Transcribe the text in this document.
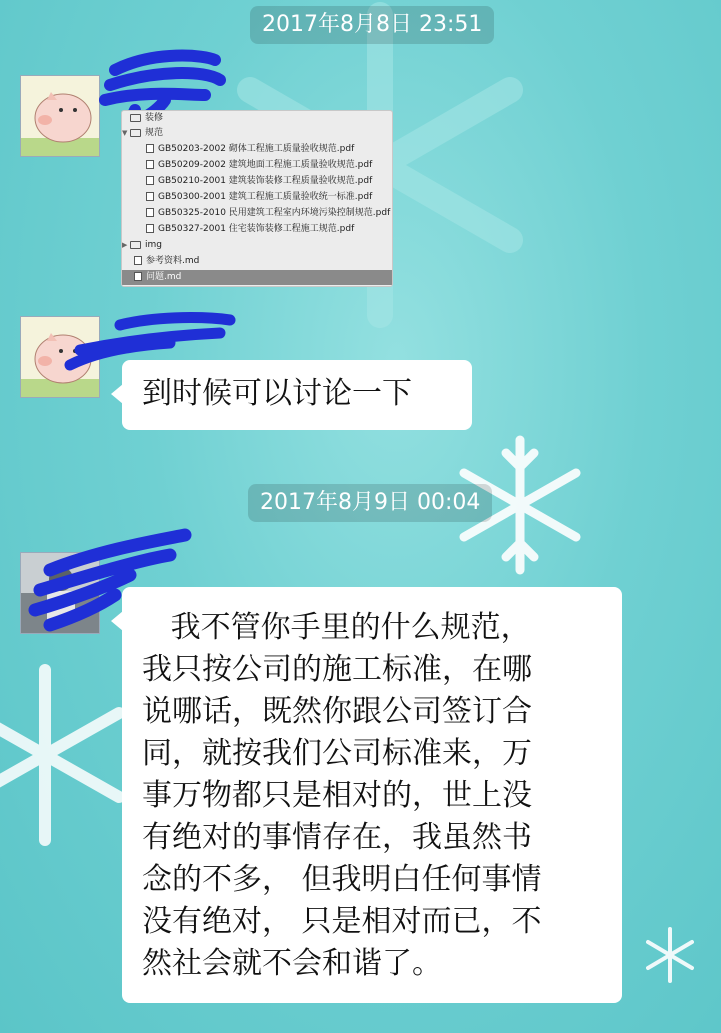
2017年8月8日 23:51
装修
▼ 规范
GB50203-2002 砌体工程施工质量验收规范.pdf
GB50209-2002 建筑地面工程施工质量验收规范.pdf
GB50210-2001 建筑装饰装修工程质量验收规范.pdf
GB50300-2001 建筑工程施工质量验收统一标准.pdf
GB50325-2010 民用建筑工程室内环境污染控制规范.pdf
GB50327-2001 住宅装饰装修工程施工规范.pdf
▶ img
参考资料.md
问题.md
到时候可以讨论一下
2017年8月9日 00:04
我不管你手里的什么规范，
我只按公司的施工标准，在哪
说哪话，既然你跟公司签订合
同，就按我们公司标准来，万
事万物都只是相对的，世上没
有绝对的事情存在，我虽然书
念的不多， 但我明白任何事情
没有绝对， 只是相对而已，不
然社会就不会和谐了。
